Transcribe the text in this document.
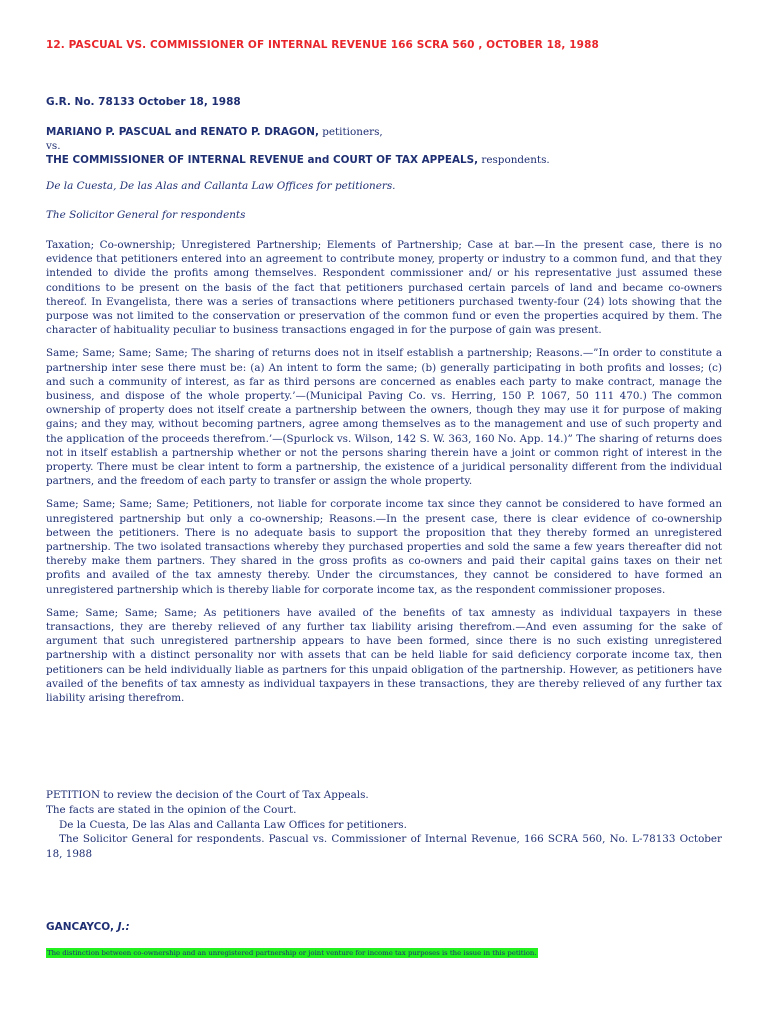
12. PASCUAL VS. COMMISSIONER OF INTERNAL REVENUE 166 SCRA 560 , OCTOBER 18, 1988
G.R. No. 78133 October 18, 1988
MARIANO P. PASCUAL and RENATO P. DRAGON, petitioners,
vs.
THE COMMISSIONER OF INTERNAL REVENUE and COURT OF TAX APPEALS, respondents.
De la Cuesta, De las Alas and Callanta Law Offices for petitioners.
The Solicitor General for respondents

Taxation; Co-ownership; Unregistered Partnership; Elements of Partnership; Case at bar.—In the present case, there is no evidence that petitioners entered into an agreement to contribute money, property or industry to a common fund, and that they intended to divide the profits among themselves. Respondent commissioner and/ or his representative just assumed these conditions to be present on the basis of the fact that petitioners purchased certain parcels of land and became co-owners thereof. In Evangelista, there was a series of transactions where petitioners purchased twenty-four (24) lots showing that the purpose was not limited to the conservation or preservation of the common fund or even the properties acquired by them. The character of habituality peculiar to business transactions engaged in for the purpose of gain was present.

Same; Same; Same; Same; The sharing of returns does not in itself establish a partnership; Reasons.—”In order to constitute a partnership inter sese there must be: (a) An intent to form the same; (b) generally participating in both profits and losses; (c) and such a community of interest, as far as third persons are concerned as enables each party to make contract, manage the business, and dispose of the whole property.’—(Municipal Paving Co. vs. Herring, 150 P. 1067, 50 111 470.) The common ownership of property does not itself create a partnership between the owners, though they may use it for purpose of making gains; and they may, without becoming partners, agree among themselves as to the management and use of such property and the application of the proceeds therefrom.’—(Spurlock vs. Wilson, 142 S. W. 363, 160 No. App. 14.)” The sharing of returns does not in itself establish a partnership whether or not the persons sharing therein have a joint or common right of interest in the property. There must be clear intent to form a partnership, the existence of a juridical personality different from the individual partners, and the freedom of each party to transfer or assign the whole property.

Same; Same; Same; Same; Petitioners, not liable for corporate income tax since they cannot be considered to have formed an unregistered partnership but only a co-ownership; Reasons.—In the present case, there is clear evidence of co-ownership between the petitioners. There is no adequate basis to support the proposition that they thereby formed an unregistered partnership. The two isolated transactions whereby they purchased properties and sold the same a few years thereafter did not thereby make them partners. They shared in the gross profits as co-owners and paid their capital gains taxes on their net profits and availed of the tax amnesty thereby. Under the circumstances, they cannot be considered to have formed an unregistered partnership which is thereby liable for corporate income tax, as the respondent commissioner proposes.

Same; Same; Same; Same; As petitioners have availed of the benefits of tax amnesty as individual taxpayers in these transactions, they are thereby relieved of any further tax liability arising therefrom.—And even assuming for the sake of argument that such unregistered partnership appears to have been formed, since there is no such existing unregistered partnership with a distinct personality nor with assets that can be held liable for said deficiency corporate income tax, then petitioners can be held individually liable as partners for this unpaid obligation of the partnership. However, as petitioners have availed of the benefits of tax amnesty as individual taxpayers in these transactions, they are thereby relieved of any further tax liability arising therefrom.

PETITION to review the decision of the Court of Tax Appeals.

The facts are stated in the opinion of the Court.

De la Cuesta, De las Alas and Callanta Law Offices for petitioners.

The Solicitor General for respondents. Pascual vs. Commissioner of Internal Revenue, 166 SCRA 560, No. L-78133 October 18, 1988

GANCAYCO, J.:
The distinction between co-ownership and an unregistered partnership or joint venture for income tax purposes is the issue in this petition.
